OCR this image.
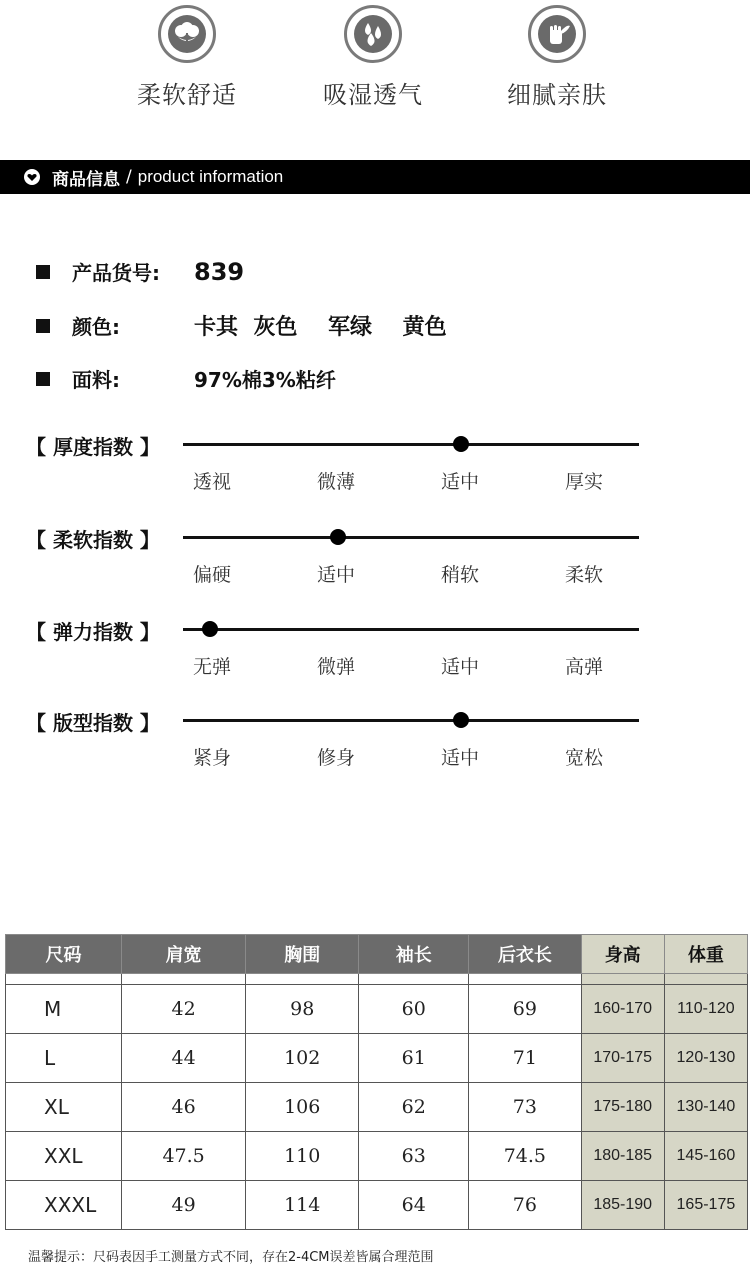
柔软舒适	吸湿透气	细腻亲肤
商品信息 / product information
产品货号:	839
颜色:	卡其  灰色    军绿    黄色
面料:	97%棉3%粘纤
【 厚度指数 】
透视	微薄	适中	厚实
【 柔软指数 】
偏硬	适中	稍软	柔软
【 弹力指数 】
无弹	微弹	适中	高弹
【 版型指数 】
紧身	修身	适中	宽松
尺码	肩宽	胸围	袖长	后衣长	身高	体重

M	42	98	60	69	160-170	110-120
L	44	102	61	71	170-175	120-130
XL	46	106	62	73	175-180	130-140
XXL	47.5	110	63	74.5	180-185	145-160
XXXL	49	114	64	76	185-190	165-175
温馨提示：尺码表因手工测量方式不同，存在2-4CM误差皆属合理范围
